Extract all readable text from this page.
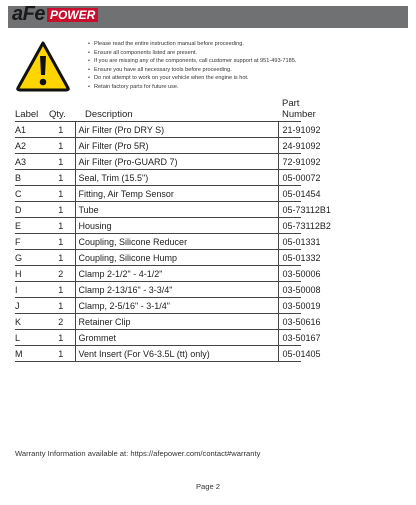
aFe POWER
• Please read the entire instruction manual before proceeding.
• Ensure all components listed are present.
• If you are missing any of the components, call customer support at 951-493-7185.
• Ensure you have all necessary tools before proceeding.
• Do not attempt to work on your vehicle when the engine is hot.
• Retain factory parts for future use.
Label	Qty.	Description	Part Number
A1	1	Air Filter (Pro DRY S)	21-91092
A2	1	Air Filter (Pro 5R)	24-91092
A3	1	Air Filter (Pro-GUARD 7)	72-91092
B	1	Seal, Trim (15.5")	05-00072
C	1	Fitting, Air Temp Sensor	05-01454
D	1	Tube	05-73112B1
E	1	Housing	05-73112B2
F	1	Coupling, Silicone Reducer	05-01331
G	1	Coupling, Silicone Hump	05-01332
H	2	Clamp 2-1/2" - 4-1/2"	03-50006
I	1	Clamp 2-13/16" - 3-3/4"	03-50008
J	1	Clamp, 2-5/16" - 3-1/4"	03-50019
K	2	Retainer Clip	03-50616
L	1	Grommet	03-50167
M	1	Vent Insert (For V6-3.5L (tt) only)	05-01405
Warranty Information available at: https://afepower.com/contact#warranty
Page 2
